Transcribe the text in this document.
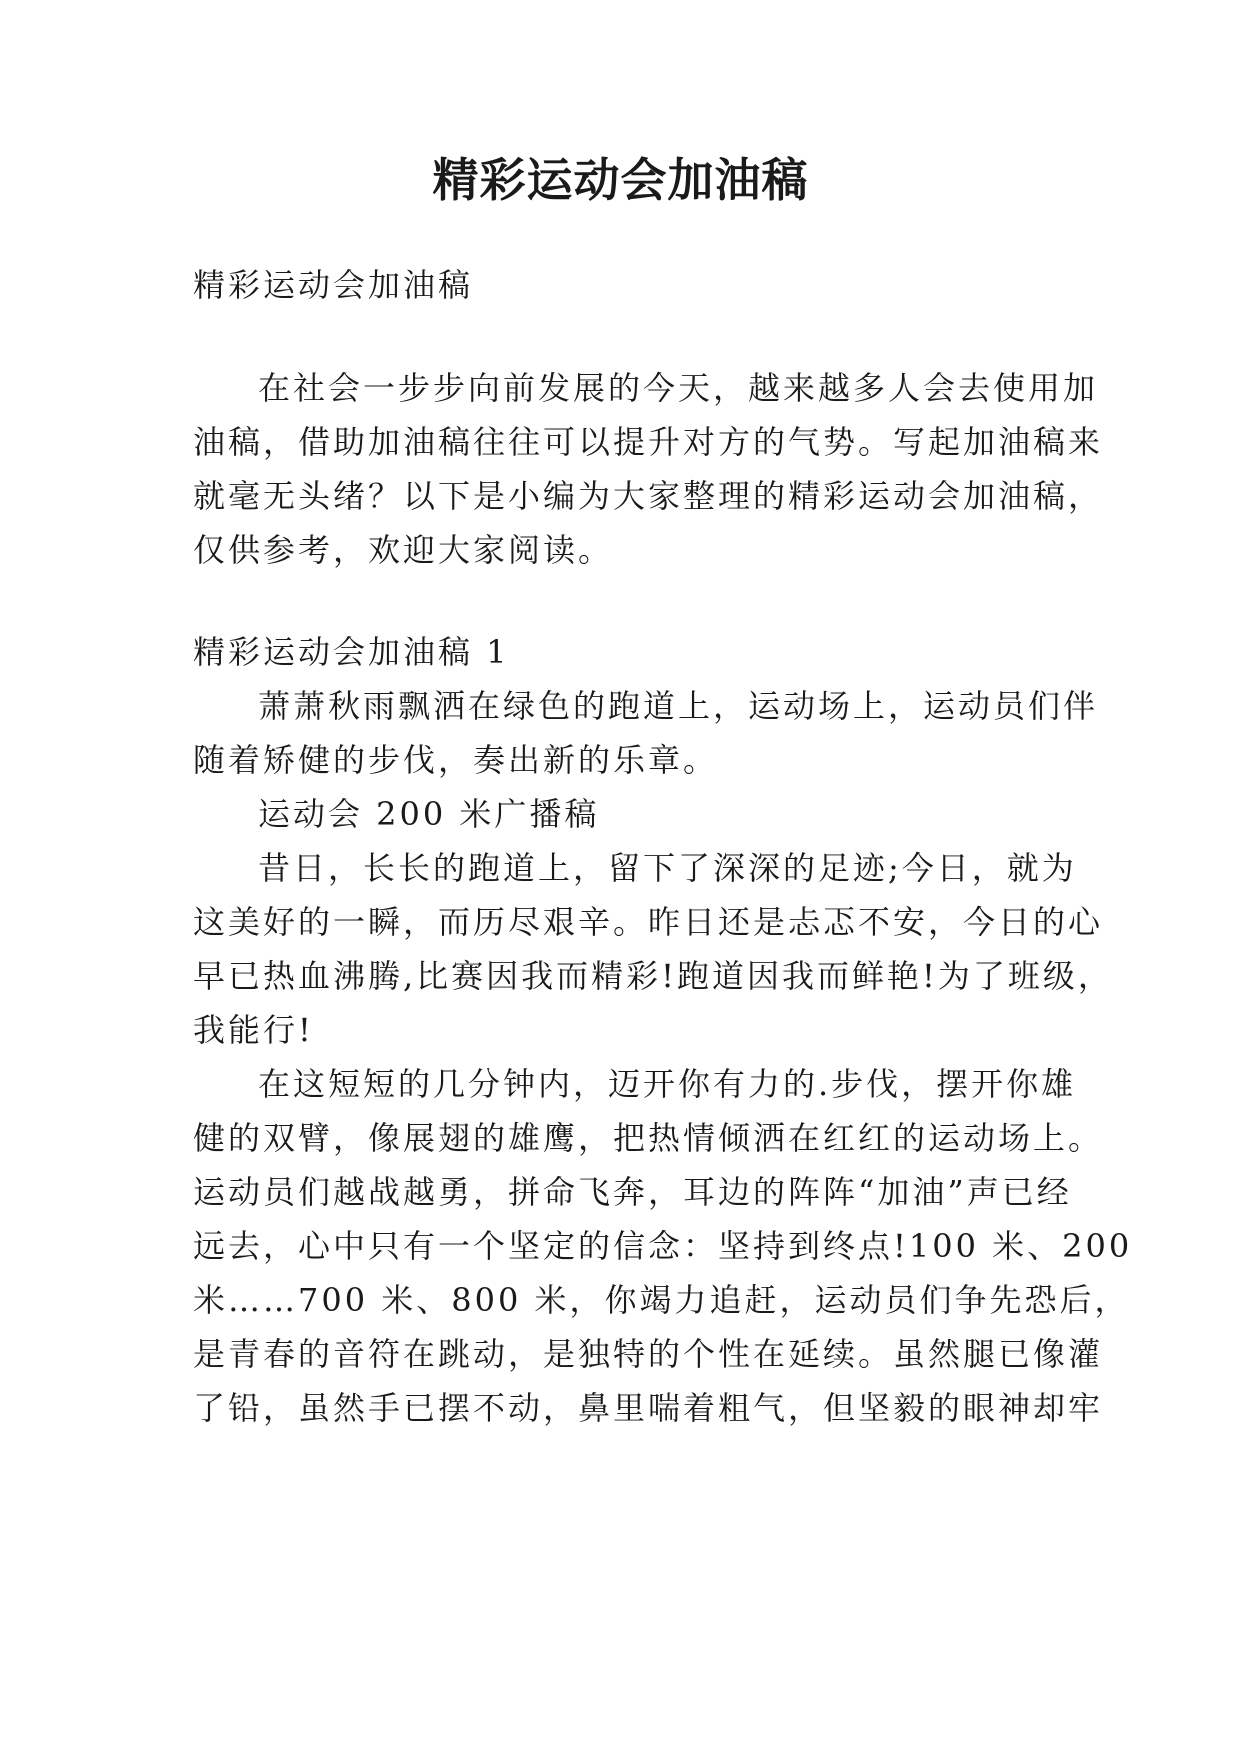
精彩运动会加油稿
精彩运动会加油稿
在社会一步步向前发展的今天，越来越多人会去使用加
油稿，借助加油稿往往可以提升对方的气势。写起加油稿来
就毫无头绪？以下是小编为大家整理的精彩运动会加油稿，
仅供参考，欢迎大家阅读。
精彩运动会加油稿 1
萧萧秋雨飘洒在绿色的跑道上，运动场上，运动员们伴
随着矫健的步伐，奏出新的乐章。
运动会 200 米广播稿
昔日，长长的跑道上，留下了深深的足迹;今日，就为
这美好的一瞬，而历尽艰辛。昨日还是忐忑不安，今日的心
早已热血沸腾,比赛因我而精彩!跑道因我而鲜艳!为了班级，
我能行!
在这短短的几分钟内，迈开你有力的.步伐，摆开你雄
健的双臂，像展翅的雄鹰，把热情倾洒在红红的运动场上。
运动员们越战越勇，拼命飞奔，耳边的阵阵“加油”声已经
远去，心中只有一个坚定的信念：坚持到终点!100 米、200
米……700 米、800 米，你竭力追赶，运动员们争先恐后，
是青春的音符在跳动，是独特的个性在延续。虽然腿已像灌
了铅，虽然手已摆不动，鼻里喘着粗气，但坚毅的眼神却牢
